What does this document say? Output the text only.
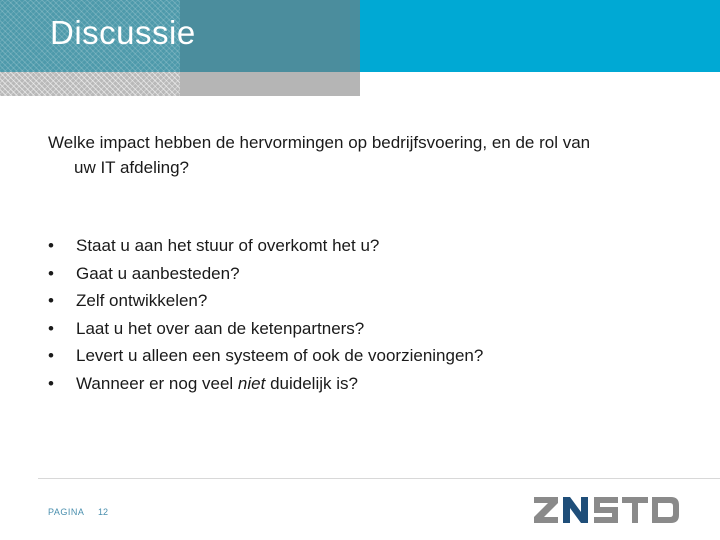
Discussie

Welke impact hebben de hervormingen op bedrijfsvoering, en de rol van
uw IT afdeling?

• Staat u aan het stuur of overkomt het u?
• Gaat u aanbesteden?
• Zelf ontwikkelen?
• Laat u het over aan de ketenpartners?
• Levert u alleen een systeem of ook de voorzieningen?
• Wanneer er nog veel niet duidelijk is?
PAGINA 12
